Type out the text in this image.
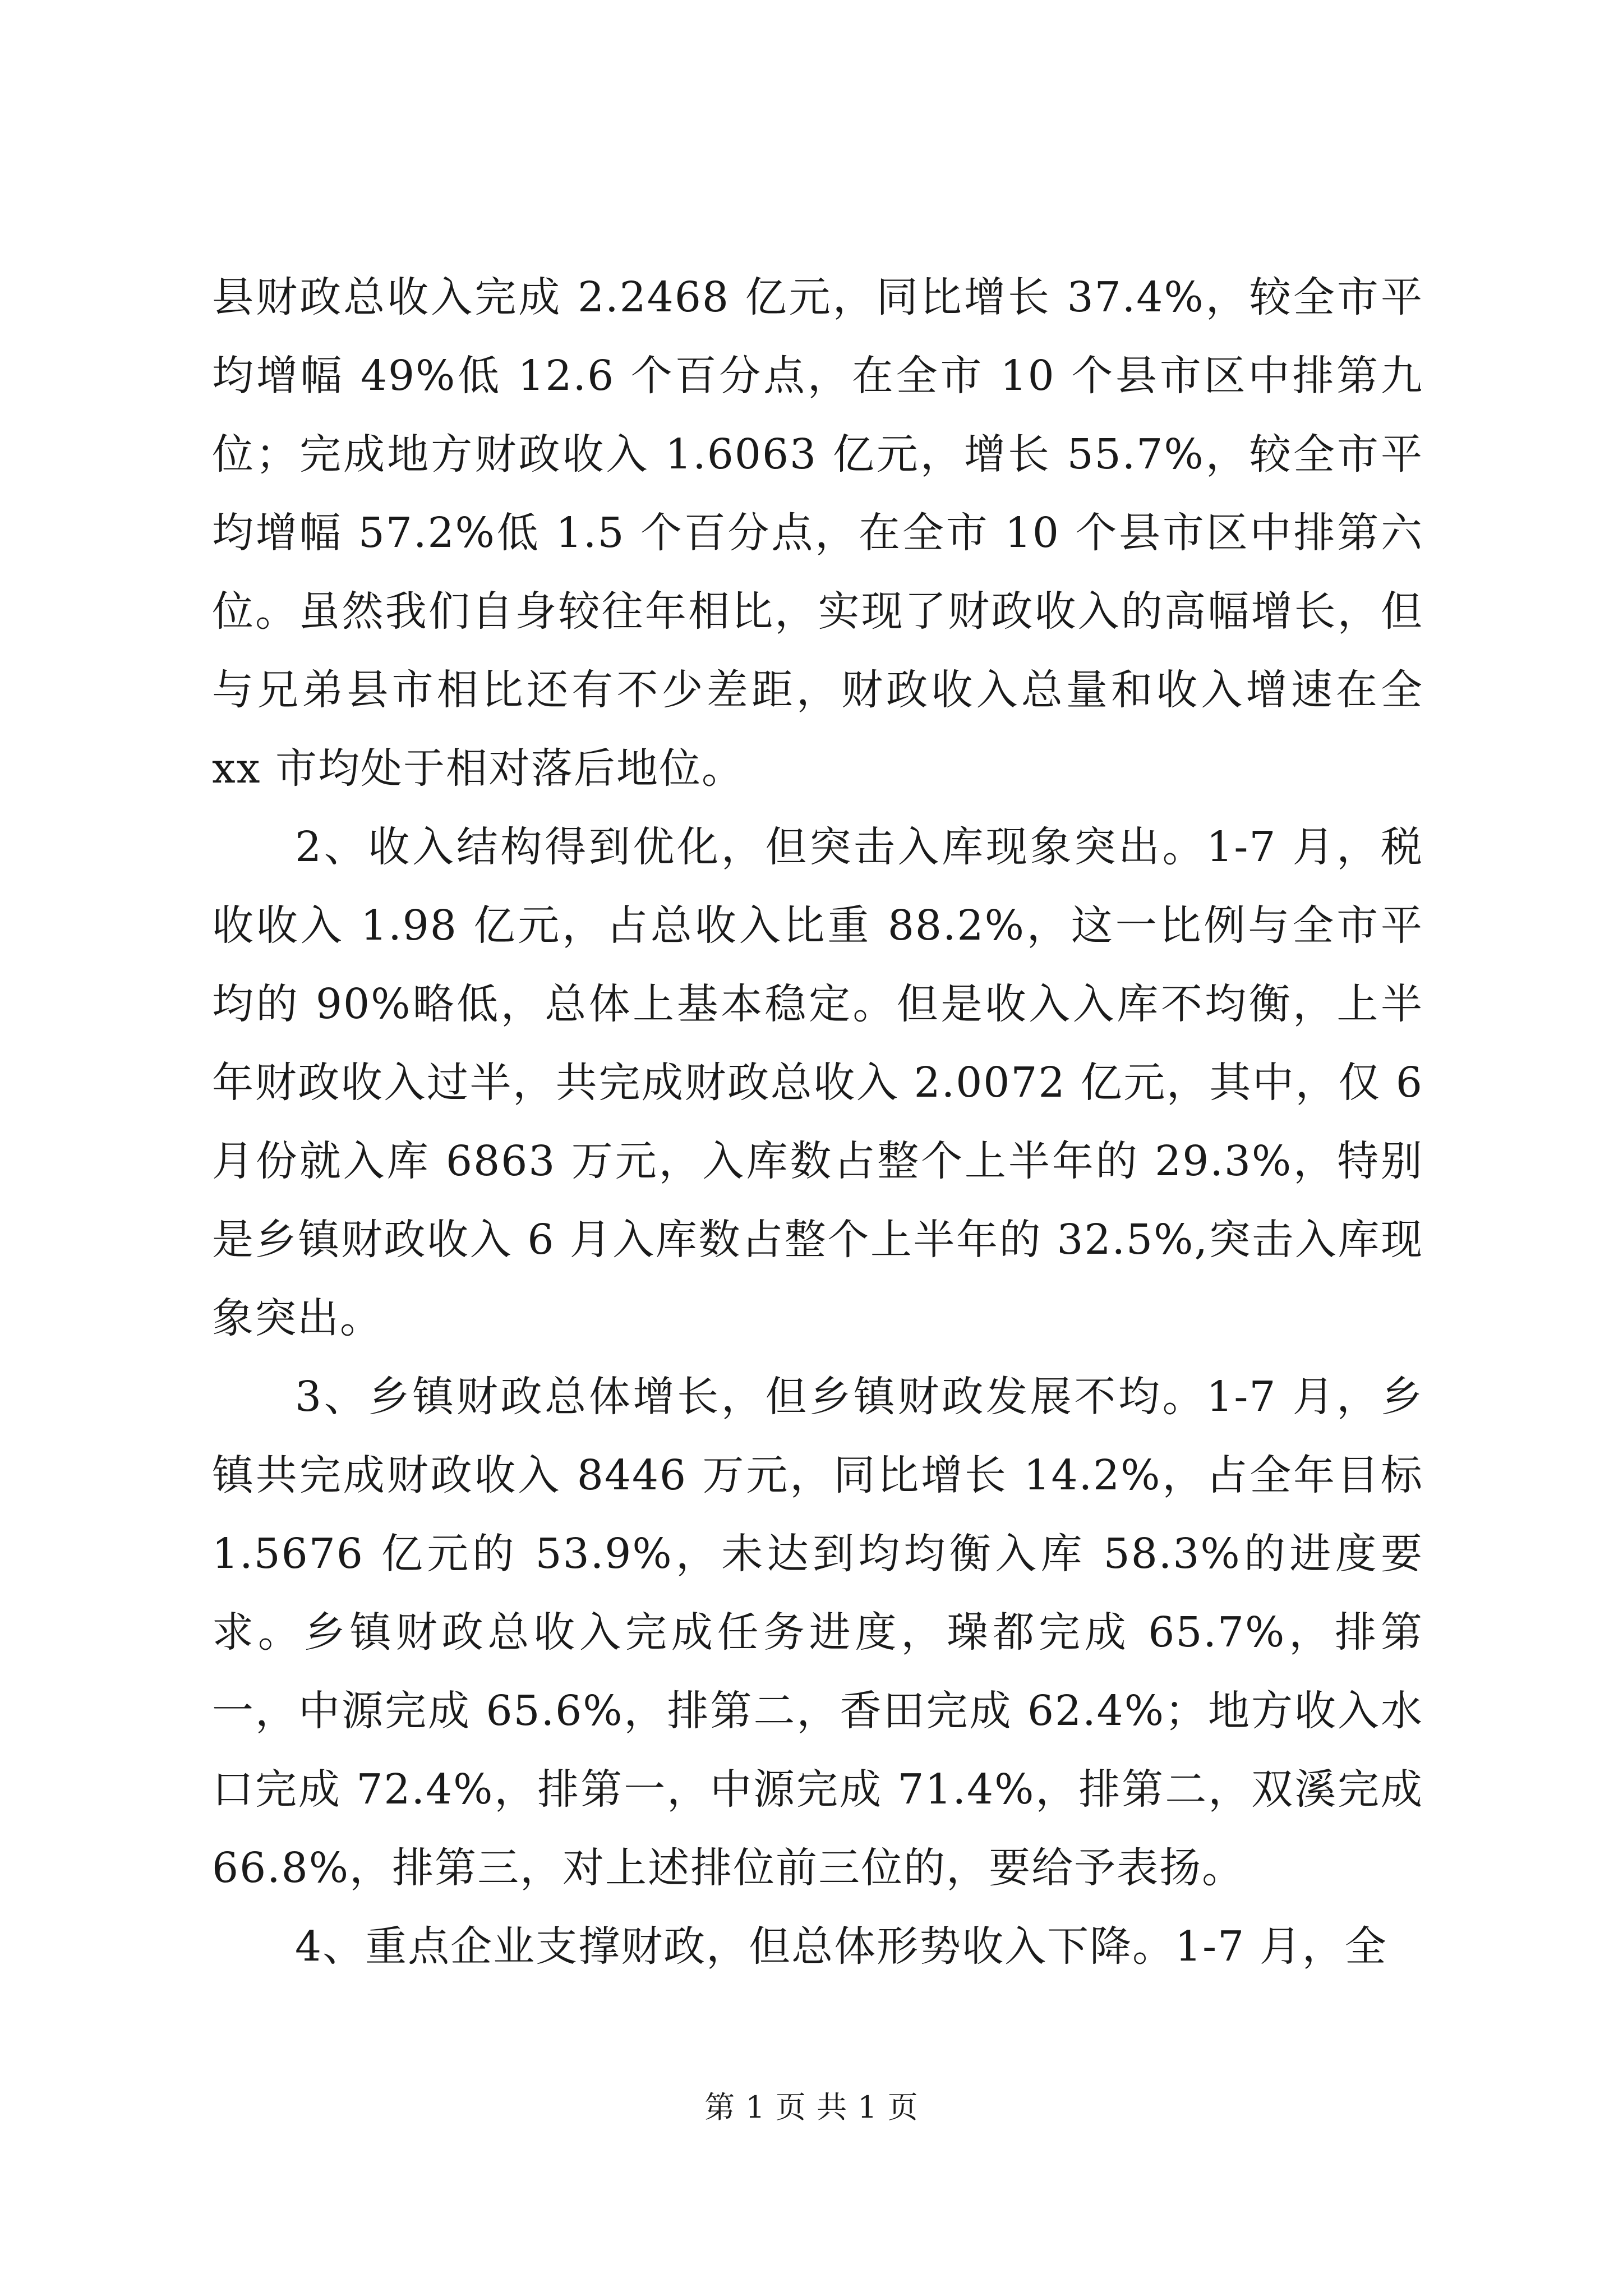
县财政总收入完成 2.2468 亿元，同比增长 37.4%，较全市平均增幅 49%低 12.6 个百分点，在全市 10 个县市区中排第九位；完成地方财政收入 1.6063 亿元，增长 55.7%，较全市平均增幅 57.2%低 1.5 个百分点，在全市 10 个县市区中排第六位。虽然我们自身较往年相比，实现了财政收入的高幅增长，但与兄弟县市相比还有不少差距，财政收入总量和收入增速在全 xx 市均处于相对落后地位。

2、收入结构得到优化，但突击入库现象突出。1-7 月，税收收入 1.98 亿元，占总收入比重 88.2%，这一比例与全市平均的 90%略低，总体上基本稳定。但是收入入库不均衡，上半年财政收入过半，共完成财政总收入 2.0072 亿元，其中，仅 6 月份就入库 6863 万元，入库数占整个上半年的 29.3%，特别是乡镇财政收入 6 月入库数占整个上半年的 32.5%,突击入库现象突出。

3、乡镇财政总体增长，但乡镇财政发展不均。1-7 月，乡镇共完成财政收入 8446 万元，同比增长 14.2%，占全年目标 1.5676 亿元的 53.9%，未达到均均衡入库 58.3%的进度要求。乡镇财政总收入完成任务进度，璪都完成 65.7%，排第一，中源完成 65.6%，排第二，香田完成 62.4%；地方收入水口完成 72.4%，排第一，中源完成 71.4%，排第二，双溪完成 66.8%，排第三，对上述排位前三位的，要给予表扬。

4、重点企业支撑财政，但总体形势收入下降。1-7 月，全

第 1 页 共 1 页
